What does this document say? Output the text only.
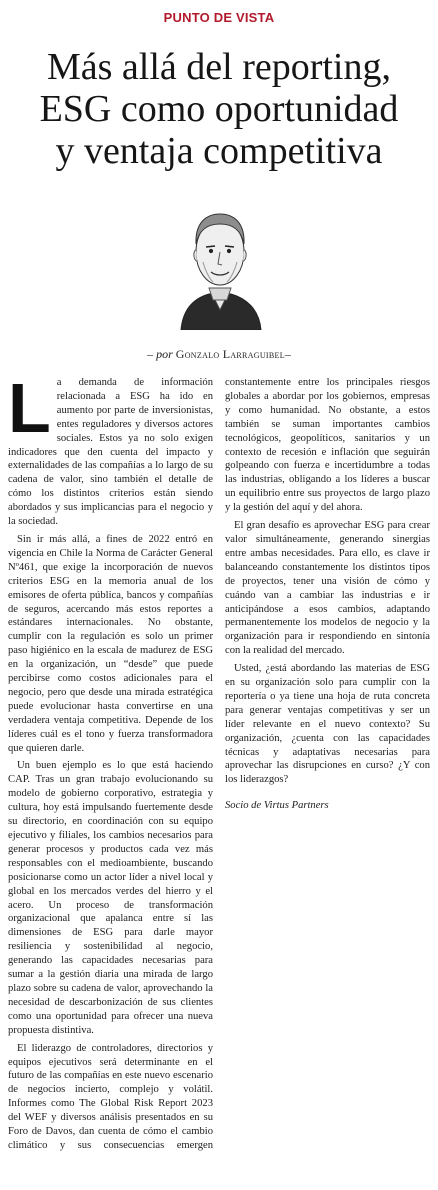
PUNTO DE VISTA
Más allá del reporting,
ESG como oportunidad
y ventaja competitiva
– por Gonzalo Larraguibel–

La demanda de información relacionada a ESG ha ido en aumento por parte de inversionistas, entes reguladores y diversos actores sociales. Estos ya no solo exigen indicadores que den cuenta del impacto y externalidades de las compañías a lo largo de su cadena de valor, sino también el detalle de cómo los distintos criterios están siendo abordados y sus implicancias para el negocio y la sociedad.

Sin ir más allá, a fines de 2022 entró en vigencia en Chile la Norma de Carácter General Nº461, que exige la incorporación de nuevos criterios ESG en la memoria anual de los emisores de oferta pública, bancos y compañías de seguros, acercando más estos reportes a estándares internacionales. No obstante, cumplir con la regulación es solo un primer paso higiénico en la escala de madurez de ESG en la organización, un “desde” que puede percibirse como costos adicionales para el negocio, pero que desde una mirada estratégica puede evolucionar hasta convertirse en una verdadera ventaja competitiva. Depende de los líderes cuál es el tono y fuerza transformadora que quieren darle.

Un buen ejemplo es lo que está haciendo CAP. Tras un gran trabajo evolucionando su modelo de gobierno corporativo, estrategia y cultura, hoy está impulsando fuertemente desde su directorio, en coordinación con su equipo ejecutivo y filiales, los cambios necesarios para generar procesos y productos cada vez más responsables con el medioambiente, buscando posicionarse como un actor líder a nivel local y global en los mercados verdes del hierro y el acero. Un proceso de transformación organizacional que apalanca entre sí las dimensiones de ESG para darle mayor resiliencia y sostenibilidad al negocio, generando las capacidades necesarias para sumar a la gestión diaria una mirada de largo plazo sobre su cadena de valor, aprovechando la necesidad de descarbonización de sus clientes como una oportunidad para ofrecer una nueva propuesta distintiva.

El liderazgo de controladores, directorios y equipos ejecutivos será determinante en el futuro de las compañías en este nuevo escenario de negocios incierto, complejo y volátil. Informes como The Global Risk Report 2023 del WEF y diversos análisis presentados en su Foro de Davos, dan cuenta de cómo el cambio climático y sus consecuencias emergen constantemente entre los principales riesgos globales a abordar por los gobiernos, empresas y como humanidad. No obstante, a estos también se suman importantes cambios tecnológicos, geopolíticos, sanitarios y un contexto de recesión e inflación que seguirán golpeando con fuerza e incertidumbre a todas las industrias, obligando a los líderes a buscar un equilibrio entre sus proyectos de largo plazo y la gestión del aquí y del ahora.

El gran desafío es aprovechar ESG para crear valor simultáneamente, generando sinergias entre ambas necesidades. Para ello, es clave ir balanceando constantemente los distintos tipos de proyectos, tener una visión de cómo y cuándo van a cambiar las industrias e ir anticipándose a esos cambios, adaptando permanentemente los modelos de negocio y la organización para ir respondiendo en sintonía con la realidad del mercado.

Usted, ¿está abordando las materias de ESG en su organización solo para cumplir con la reportería o ya tiene una hoja de ruta concreta para generar ventajas competitivas y ser un líder relevante en el nuevo contexto? Su organización, ¿cuenta con las capacidades técnicas y adaptativas necesarias para aprovechar las disrupciones en curso? ¿Y con los liderazgos?

Socio de Virtus Partners
